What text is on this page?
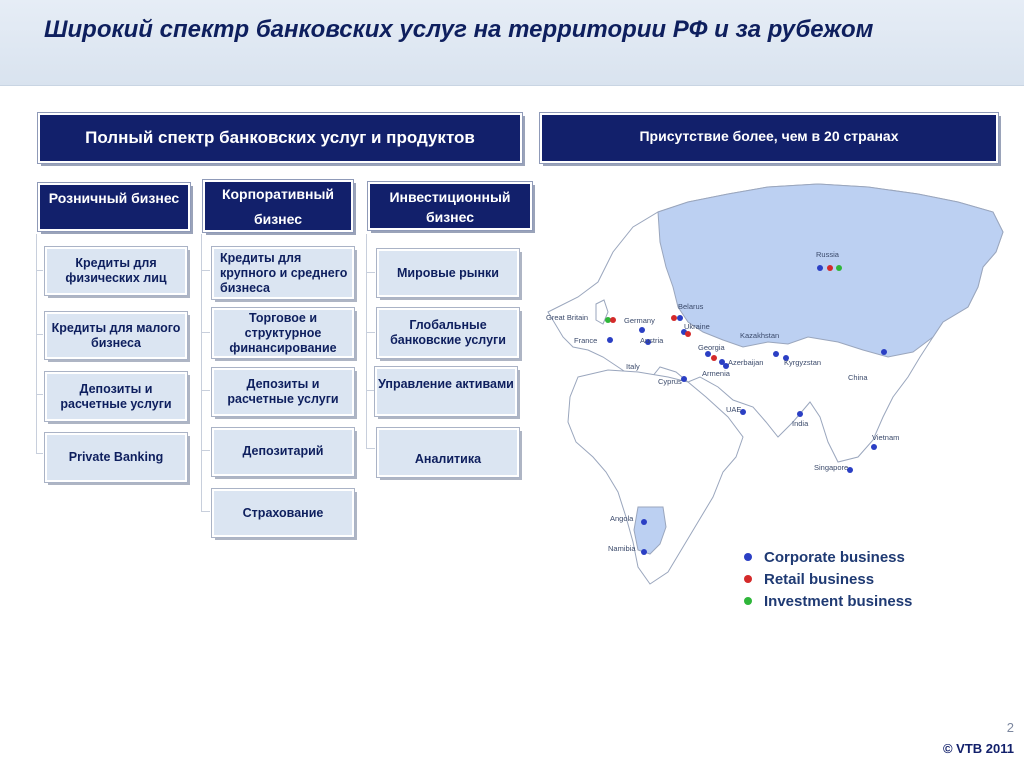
Широкий спектр банковских услуг на территории РФ и за рубежом
Полный спектр банковских услуг и продуктов	Присутствие более, чем в 20 странах
Розничный бизнес	Корпоративный бизнес
Инвестиционный бизнес
Кредиты для физических лиц
Кредиты для малого бизнеса
Депозиты и расчетные услуги
Private Banking
Кредиты для крупного и среднего бизнеса
Торговое и структурное финансирование
Депозиты и расчетные услуги
Депозитарий
Страхование
Мировые рынки
Глобальные банковские услуги
Управление активами
Аналитика
Russia
Great Britain	Germany
Belarus
Ukraine
Kazakhstan
France	Austria
Georgia
Kyrgyzstan
Italy	Azerbaijan
Armenia
Cyprus	China
UAE
India
Vietnam
Singapore
Angola
Namibia	Corporate business
Retail business
Investment business
2
© VTB 2011
